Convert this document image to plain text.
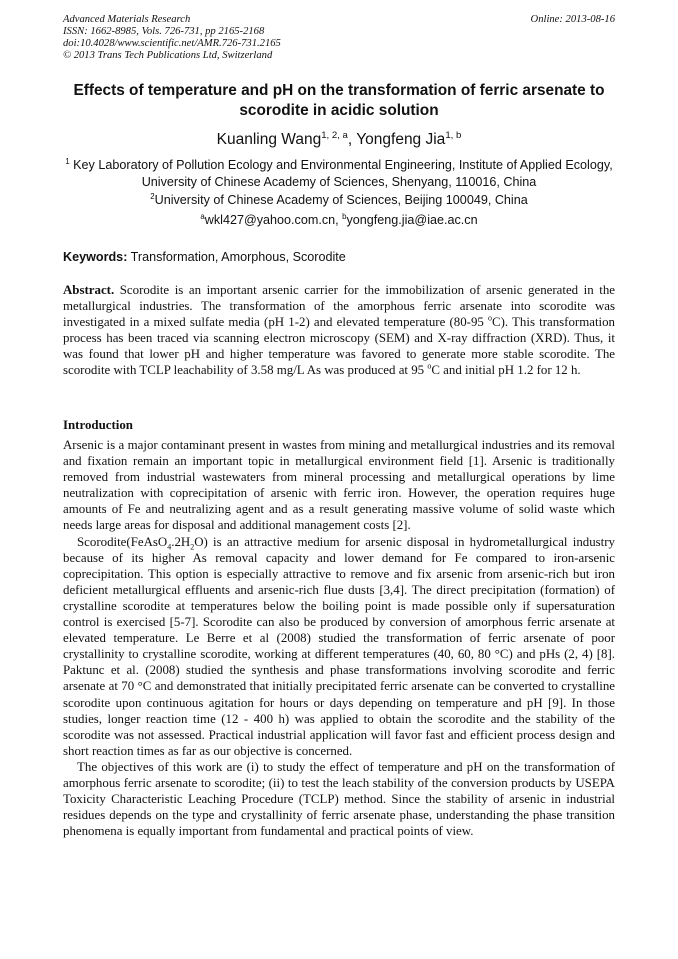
Advanced Materials Research
ISSN: 1662-8985, Vols. 726-731, pp 2165-2168
doi:10.4028/www.scientific.net/AMR.726-731.2165
© 2013 Trans Tech Publications Ltd, Switzerland
Online: 2013-08-16
Effects of temperature and pH on the transformation of ferric arsenate to scorodite in acidic solution
Kuanling Wang$^{1, 2, a}$, Yongfeng Jia$^{1, b}$
$^1$ Key Laboratory of Pollution Ecology and Environmental Engineering, Institute of Applied Ecology, University of Chinese Academy of Sciences, Shenyang, 110016, China
$^2$University of Chinese Academy of Sciences, Beijing 100049, China
$^a$wkl427@yahoo.com.cn, $^b$yongfeng.jia@iae.ac.cn
Keywords: Transformation, Amorphous, Scorodite
Abstract. Scorodite is an important arsenic carrier for the immobilization of arsenic generated in the metallurgical industries. The transformation of the amorphous ferric arsenate into scorodite was investigated in a mixed sulfate media (pH 1-2) and elevated temperature (80-95 $^o$C). This transformation process has been traced via scanning electron microscopy (SEM) and X-ray diffraction (XRD). Thus, it was found that lower pH and higher temperature was favored to generate more stable scorodite. The scorodite with TCLP leachability of 3.58 mg/L As was produced at 95 $^o$C and initial pH 1.2 for 12 h.
Introduction

Arsenic is a major contaminant present in wastes from mining and metallurgical industries and its removal and fixation remain an important topic in metallurgical environment field [1]. Arsenic is traditionally removed from industrial wastewaters from mineral processing and metallurgical operations by lime neutralization with coprecipitation of arsenic with ferric iron. However, the operation requires huge amounts of Fe and neutralizing agent and as a result generating massive volume of solid waste which needs large areas for disposal and additional management costs [2].

$Scorodite(FeAsO_4.2H_2O)$ is an attractive medium for arsenic disposal in hydrometallurgical industry because of its higher As removal capacity and lower demand for Fe compared to iron-arsenic coprecipitation. This option is especially attractive to remove and fix arsenic from arsenic-rich but iron deficient metallurgical effluents and arsenic-rich flue dusts [3,4]. The direct precipitation (formation) of crystalline scorodite at temperatures below the boiling point is made possible only if supersaturation control is exercised [5-7]. Scorodite can also be produced by conversion of amorphous ferric arsenate at elevated temperature. Le Berre et al (2008) studied the transformation of ferric arsenate of poor crystallinity to crystalline scorodite, working at different temperatures (40, 60, 80 °C) and pHs (2, 4) [8]. Paktunc et al. (2008) studied the synthesis and phase transformations involving scorodite and ferric arsenate at 70 °C and demonstrated that initially precipitated ferric arsenate can be converted to crystalline scorodite upon continuous agitation for hours or days depending on temperature and pH [9]. In those studies, longer reaction time (12 - 400 h) was applied to obtain the scorodite and the stability of the scorodite was not assessed. Practical industrial application will favor fast and efficient process design and short reaction times as far as our objective is concerned.

The objectives of this work are (i) to study the effect of temperature and pH on the transformation of amorphous ferric arsenate to scorodite; (ii) to test the leach stability of the conversion products by USEPA Toxicity Characteristic Leaching Procedure (TCLP) method. Since the stability of arsenic in industrial residues depends on the type and crystallinity of ferric arsenate phase, understanding the phase transition phenomena is equally important from fundamental and practical points of view.
